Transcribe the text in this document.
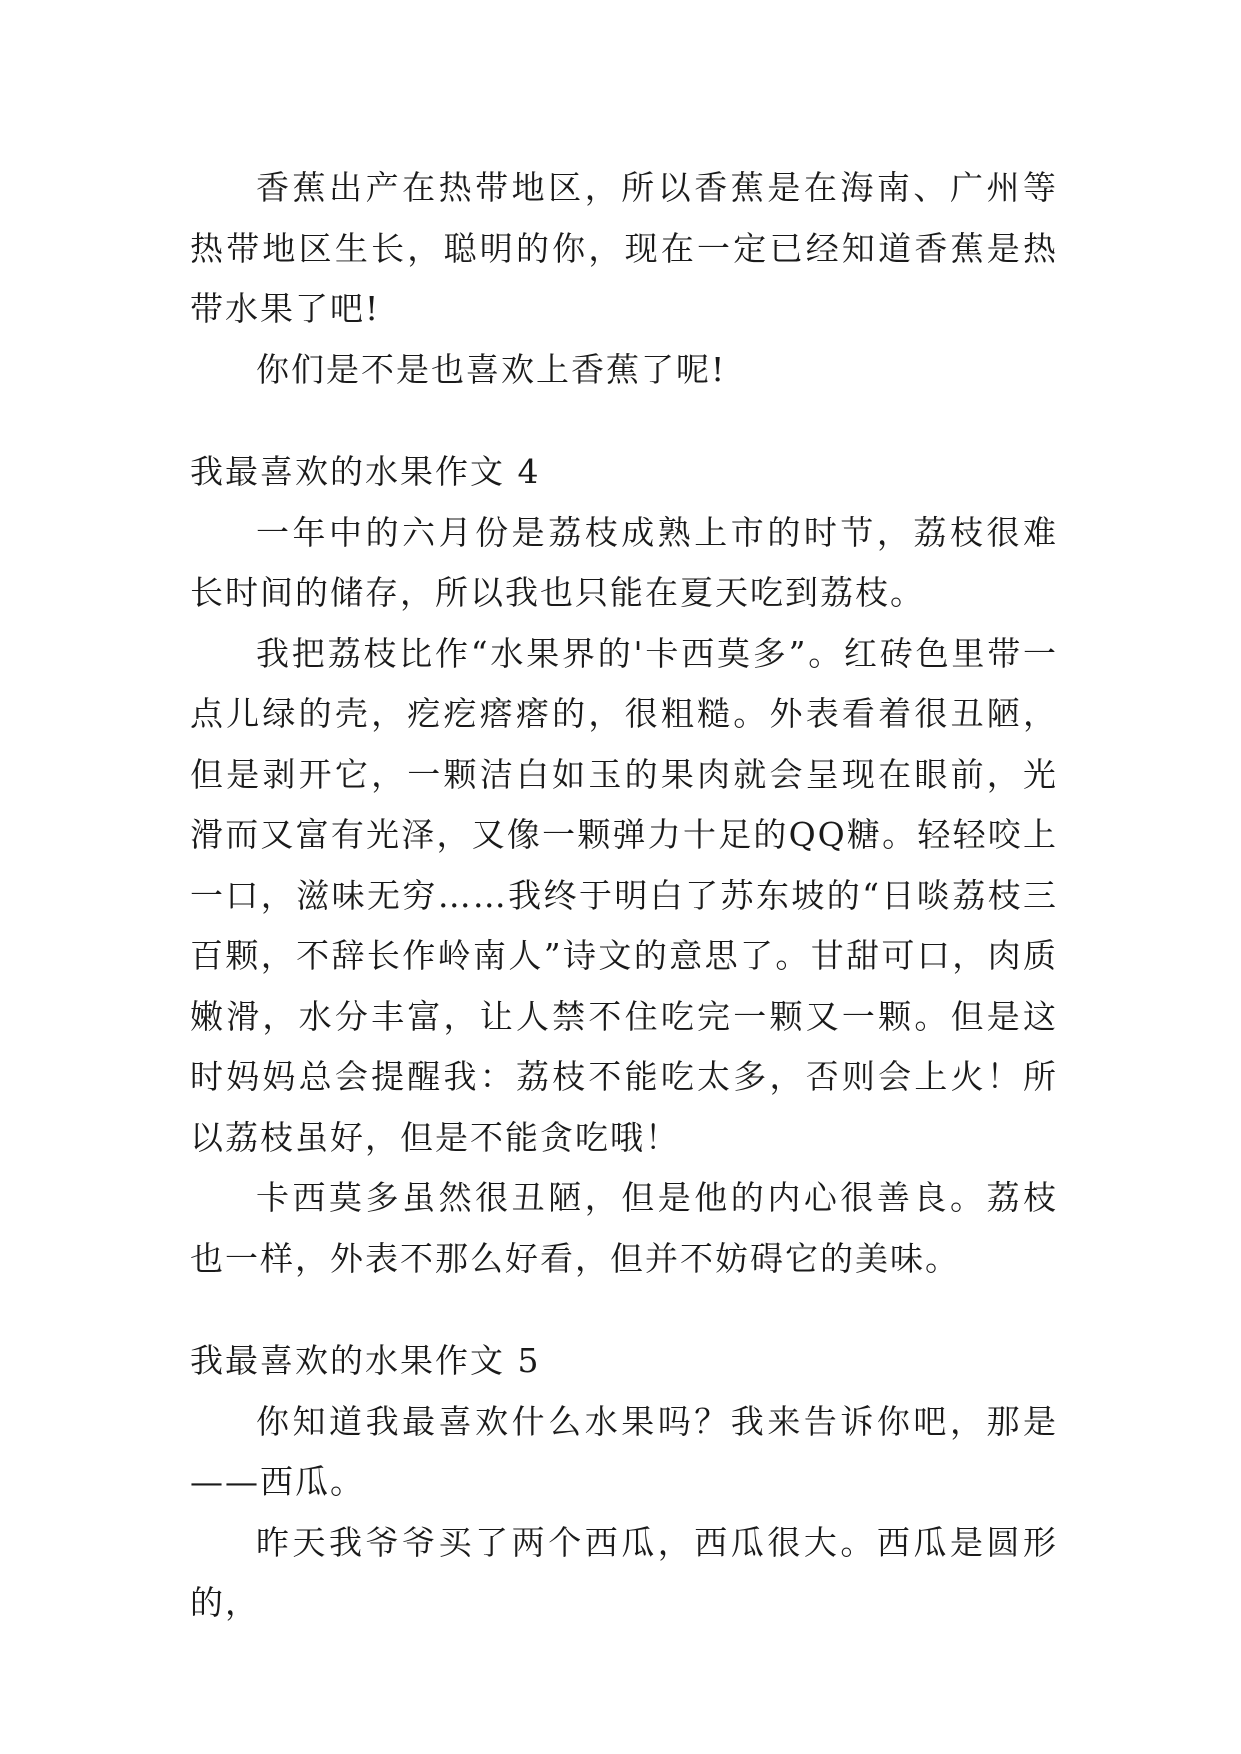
香蕉出产在热带地区，所以香蕉是在海南、广州等热带地区生长，聪明的你，现在一定已经知道香蕉是热带水果了吧!

你们是不是也喜欢上香蕉了呢!

我最喜欢的水果作文 4

一年中的六月份是荔枝成熟上市的时节，荔枝很难长时间的储存，所以我也只能在夏天吃到荔枝。

我把荔枝比作“水果界的'卡西莫多”。红砖色里带一点儿绿的壳，疙疙瘩瘩的，很粗糙。外表看着很丑陋，但是剥开它，一颗洁白如玉的果肉就会呈现在眼前，光滑而又富有光泽，又像一颗弹力十足的QQ糖。轻轻咬上一口，滋味无穷……我终于明白了苏东坡的“日啖荔枝三百颗，不辞长作岭南人”诗文的意思了。甘甜可口，肉质嫩滑，水分丰富，让人禁不住吃完一颗又一颗。但是这时妈妈总会提醒我：荔枝不能吃太多，否则会上火！所以荔枝虽好，但是不能贪吃哦！

卡西莫多虽然很丑陋，但是他的内心很善良。荔枝也一样，外表不那么好看，但并不妨碍它的美味。

我最喜欢的水果作文 5

你知道我最喜欢什么水果吗？我来告诉你吧，那是——西瓜。

昨天我爷爷买了两个西瓜，西瓜很大。西瓜是圆形的，
